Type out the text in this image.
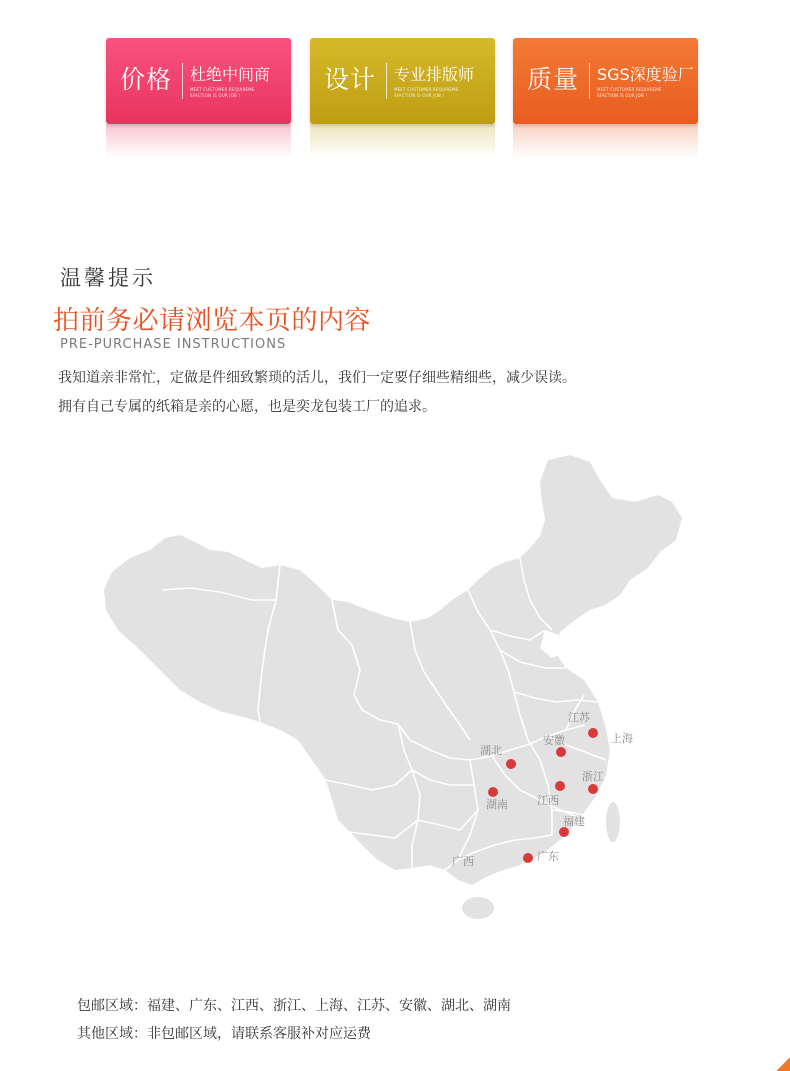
价格 杜绝中间商
MEET CUSTOMER REQUIREME
SFACTION IS OUR JOB !
设计 专业排版师
MEET CUSTOMER REQUIREME
SFACTION IS OUR JOB !
质量 SGS深度验厂
MEET CUSTOMER REQUIREME
SFACTION IS OUR JOB !
温馨提示
拍前务必请浏览本页的内容
PRE-PURCHASE INSTRUCTIONS
我知道亲非常忙，定做是件细致繁琐的活儿，我们一定要仔细些精细些，减少误读。
拥有自己专属的纸箱是亲的心愿，也是奕龙包装工厂的追求。
江苏
上海
安徽
湖北
浙江
湖南	江西
福建
广西	广东
包邮区域：福建、广东、江西、浙江、上海、江苏、安徽、湖北、湖南
其他区域：非包邮区域，请联系客服补对应运费
